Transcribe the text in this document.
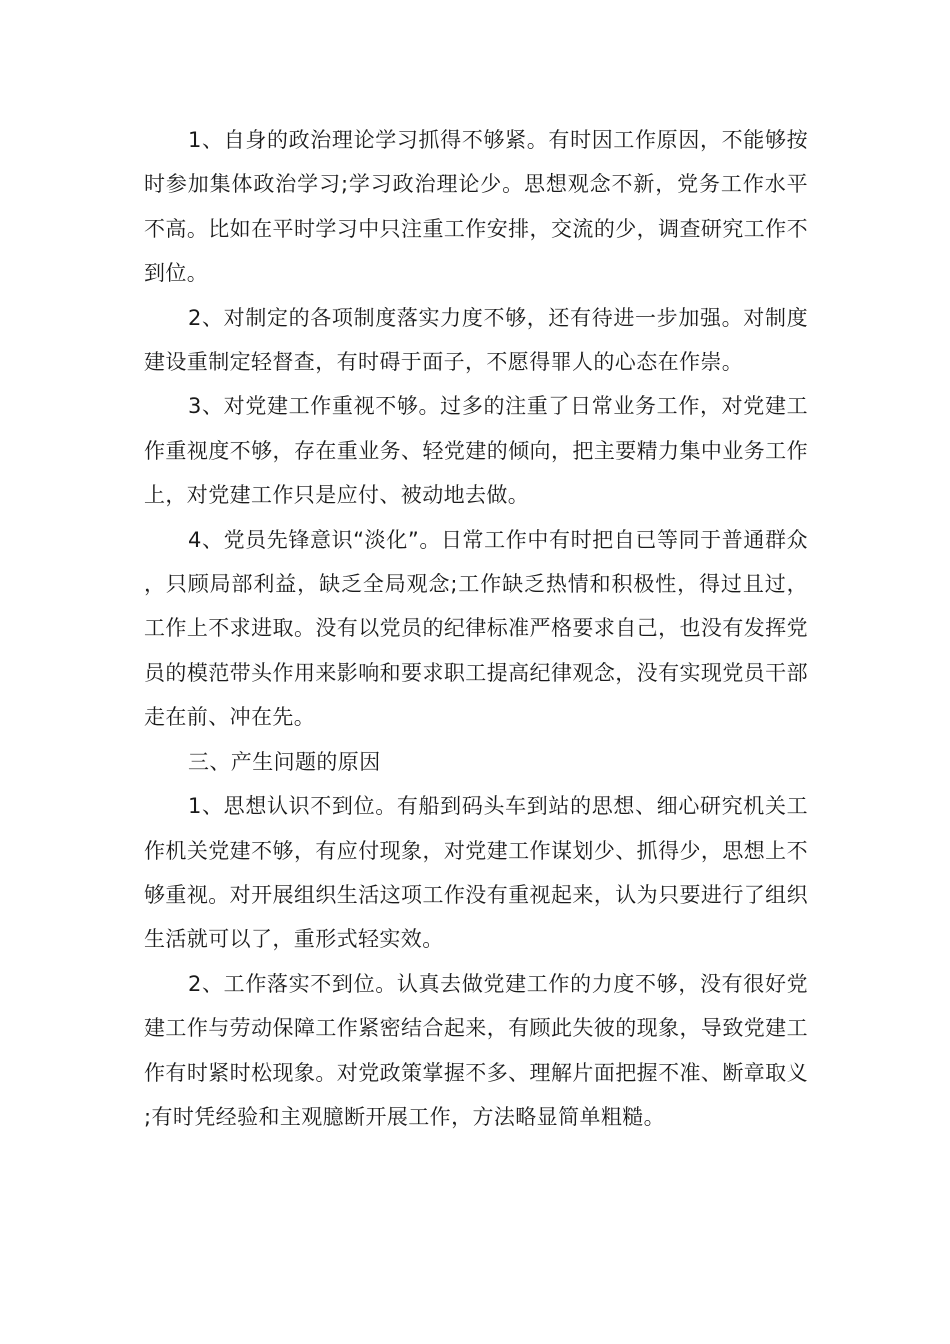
1、自身的政治理论学习抓得不够紧。有时因工作原因，不能够按时参加集体政治学习;学习政治理论少。思想观念不新，党务工作水平不高。比如在平时学习中只注重工作安排，交流的少，调查研究工作不到位。

2、对制定的各项制度落实力度不够，还有待进一步加强。对制度建设重制定轻督查，有时碍于面子，不愿得罪人的心态在作崇。

3、对党建工作重视不够。过多的注重了日常业务工作，对党建工作重视度不够，存在重业务、轻党建的倾向，把主要精力集中业务工作上，对党建工作只是应付、被动地去做。

4、党员先锋意识“淡化”。日常工作中有时把自已等同于普通群众，只顾局部利益，缺乏全局观念;工作缺乏热情和积极性，得过且过，工作上不求进取。没有以党员的纪律标准严格要求自己，也没有发挥党员的模范带头作用来影响和要求职工提高纪律观念，没有实现党员干部走在前、冲在先。

三、产生问题的原因

1、思想认识不到位。有船到码头车到站的思想、细心研究机关工作机关党建不够，有应付现象，对党建工作谋划少、抓得少，思想上不够重视。对开展组织生活这项工作没有重视起来，认为只要进行了组织生活就可以了，重形式轻实效。

2、工作落实不到位。认真去做党建工作的力度不够，没有很好党建工作与劳动保障工作紧密结合起来，有顾此失彼的现象，导致党建工作有时紧时松现象。对党政策掌握不多、理解片面把握不准、断章取义;有时凭经验和主观臆断开展工作，方法略显简单粗糙。
